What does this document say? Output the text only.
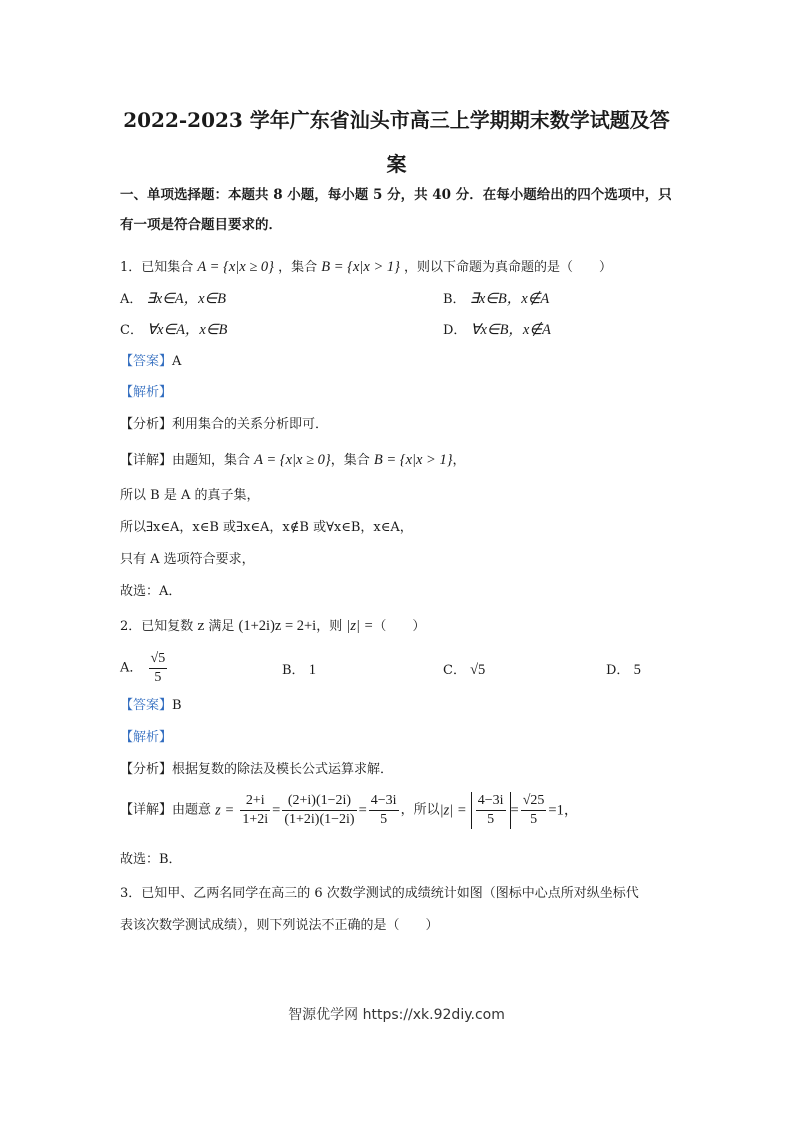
2022-2023 学年广东省汕头市高三上学期期末数学试题及答
案
一、单项选择题：本题共 8 小题，每小题 5 分，共 40 分．在每小题给出的四个选项中，只
有一项是符合题目要求的．
1．已知集合 A = {x|x ≥ 0} ，集合 B = {x|x > 1} ，则以下命题为真命题的是（　　）
A． ∃x∈A，x∈B	B． ∃x∈B，x∉A
C． ∀x∈A，x∈B	D． ∀x∈B，x∉A
【答案】A
【解析】
【分析】利用集合的关系分析即可．
【详解】由题知，集合 A = {x|x ≥ 0}，集合 B = {x|x > 1}，
所以 B 是 A 的真子集，
所以∃x∈A，x∈B 或∃x∈A，x∉B 或∀x∈B，x∈A，
只有 A 选项符合要求，
故选：A．
2．已知复数 z 满足 (1+2i)z = 2+i，则 |z| =（　　）
A． $\frac{√5}{5}$	B． 1	C． √5	D． 5
【答案】B
【解析】
【分析】根据复数的除法及模长公式运算求解．
【详解】由题意 $z = \frac{2+i}{1+2i} = \frac{(2+i)(1-2i)}{(1+2i)(1-2i)} = \frac{4-3i}{5}$ ，所以$|z| = \frac{4-3i}{5} = \frac{√25}{5} =1$，
故选：B．
3．已知甲、乙两名同学在高三的 6 次数学测试的成绩统计如图（图标中心点所对纵坐标代
表该次数学测试成绩），则下列说法不正确的是（　　）
智源优学网 https://xk.92diy.com
